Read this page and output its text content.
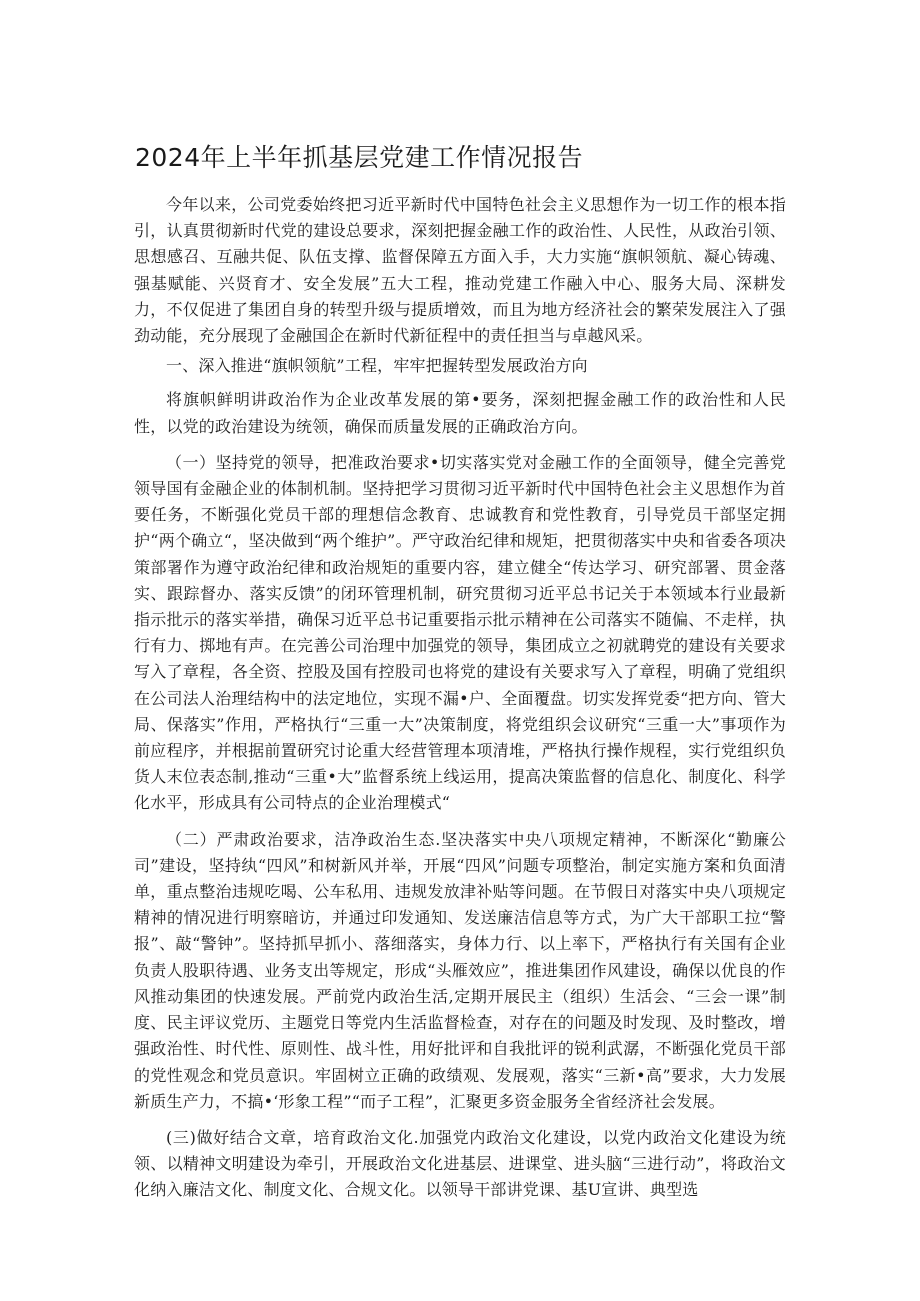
2024年上半年抓基层党建工作情况报告

今年以来，公司党委始终把习近平新时代中国特色社会主义思想作为一切工作的根本指引，认真贯彻新时代党的建设总要求，深刻把握金融工作的政治性、人民性，从政治引领、思想感召、互融共促、队伍支撑、监督保障五方面入手，大力实施“旗帜领航、凝心铸魂、强基赋能、兴贤育才、安全发展”五大工程，推动党建工作融入中心、服务大局、深耕发力，不仅促进了集团自身的转型升级与提质增效，而且为地方经济社会的繁荣发展注入了强劲动能，充分展现了金融国企在新时代新征程中的责任担当与卓越风采。

一、深入推进“旗帜领航”工程，牢牢把握转型发展政治方向

将旗帜鲜明讲政治作为企业改革发展的第•要务，深刻把握金融工作的政治性和人民性，以党的政治建设为统领，确保而质量发展的正确政治方向。

（一）坚持党的领导，把准政治要求•切实落实党对金融工作的全面领导，健全完善党领导国有金融企业的体制机制。坚持把学习贯彻习近平新时代中国特色社会主义思想作为首要任务，不断强化党员干部的理想信念教育、忠诚教育和党性教育，引导党员干部坚定拥护“两个确立“，坚决做到“两个维护”。严守政治纪律和规矩，把贯彻落实中央和省委各项决策部署作为遵守政治纪律和政治规矩的重要内容，建立健全“传达学习、研究部署、贯金落实、跟踪督办、落实反馈”的闭环管理机制，研究贯彻习近平总书记关于本领域本行业最新指示批示的落实举措，确保习近平总书记重要指示批示精神在公司落实不随偏、不走样，执行有力、掷地有声。在完善公司治理中加强党的领导，集团成立之初就聘党的建设有关要求写入了章程，各全资、控股及国有控股司也将党的建设有关要求写入了章程，明确了党组织在公司法人治理结构中的法定地位，实现不漏•户、全面覆盘。切实发挥党委“把方向、管大局、保落实”作用，严格执行“三重一大”决策制度，将党组织会议研究“三重一大”事项作为前应程序，并根据前置研究讨论重大经营管理本项清堆，严格执行操作规程，实行党组织负货人末位表态制,推动“三重•大”监督系统上线运用，提高决策监督的信息化、制度化、科学化水平，形成具有公司特点的企业治理模式“

（二）严肃政治要求，洁净政治生态.坚决落实中央八项规定精神，不断深化“勤廉公司”建设，坚持纨“四风”和树新风并举，开展“四风”问题专项整治，制定实施方案和负面清单，重点整治违规吃喝、公车私用、违规发放津补贴等问题。在节假日对落实中央八项规定精神的情况进行明察暗访，并通过印发通知、发送廉洁信息等方式，为广大干部职工拉“警报”、敲“警钟”。坚持抓早抓小、落细落实，身体力行、以上率下，严格执行有关国有企业负责人股职待遇、业务支出等规定，形成“头雁效应”，推进集团作风建设，确保以优良的作风推动集团的快速发展。严前党内政治生活,定期开展民主（组织）生活会、“三会一课”制度、民主评议党历、主题党日等党内生活监督检查，对存在的问题及时发现、及时整改，增强政治性、时代性、原则性、战斗性，用好批评和自我批评的锐利武潺，不断强化党员干部的党性观念和党员意识。牢固树立正确的政绩观、发展观，落实“三新•高”要求，大力发展新质生产力，不搞•‘形象工程”“而子工程”，汇聚更多资金服务全省经济社会发展。

(三)做好结合文章，培育政治文化.加强党内政治文化建设，以党内政治文化建设为统领、以精神文明建设为牵引，开展政治文化进基层、进课堂、进头脑“三进行动”，将政治文化纳入廉洁文化、制度文化、合规文化。以领导干部讲党课、基U宣讲、典型选
